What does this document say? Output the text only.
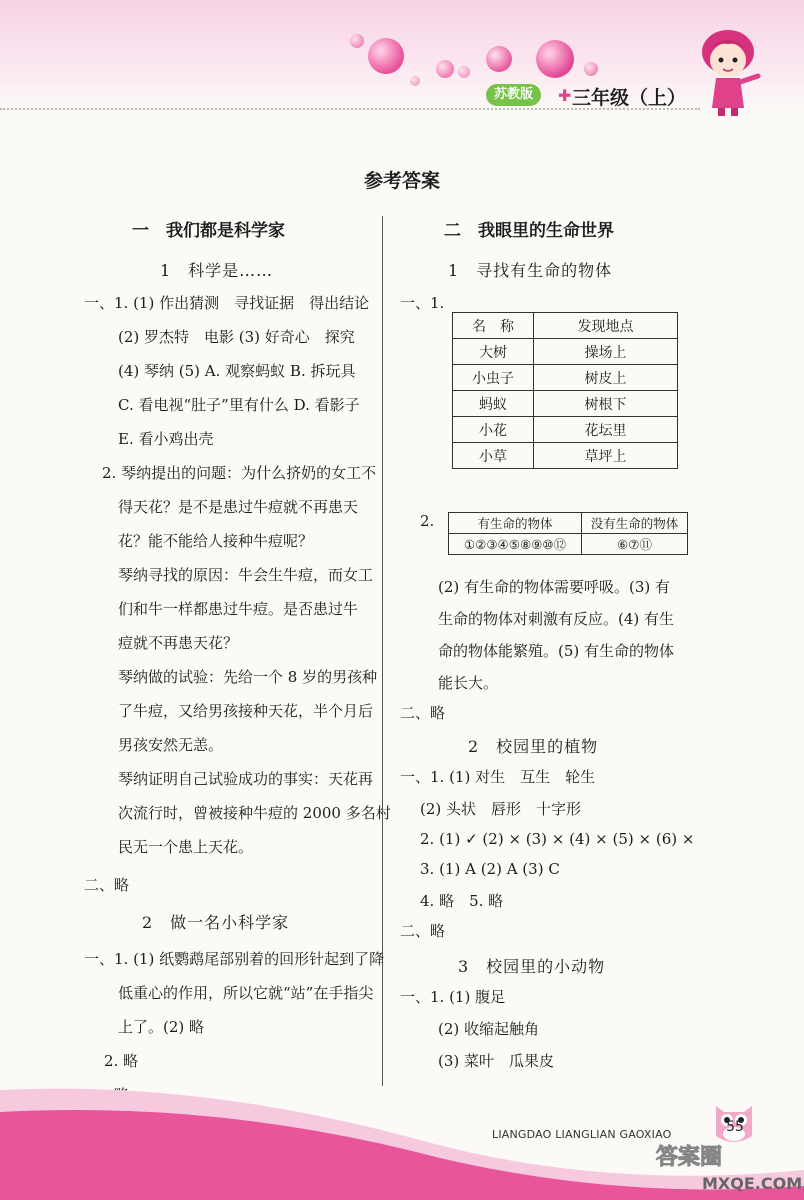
苏教版	✚ 三年级（上）
参考答案
一　我们都是科学家
1　科学是……
一、1. (1) 作出猜测　寻找证据　得出结论
(2) 罗杰特　电影 (3) 好奇心　探究
(4) 琴纳 (5) A. 观察蚂蚁 B. 拆玩具
C. 看电视“肚子”里有什么 D. 看影子
E. 看小鸡出壳
2. 琴纳提出的问题：为什么挤奶的女工不
得天花？是不是患过牛痘就不再患天
花？能不能给人接种牛痘呢？
琴纳寻找的原因：牛会生牛痘，而女工
们和牛一样都患过牛痘。是否患过牛
痘就不再患天花？
琴纳做的试验：先给一个 8 岁的男孩种
了牛痘，又给男孩接种天花，半个月后
男孩安然无恙。
琴纳证明自己试验成功的事实：天花再
次流行时，曾被接种牛痘的 2000 多名村
民无一个患上天花。
二、略
2　做一名小科学家
一、1. (1) 纸鹦鹉尾部别着的回形针起到了降
低重心的作用，所以它就“站”在手指尖
上了。(2) 略
2. 略
二　我眼里的生命世界
1　寻找有生命的物体
一、1.
名　称	发现地点
大树	操场上
小虫子	树皮上
蚂蚁	树根下
小花	花坛里
小草	草坪上
2.	有生命的物体	没有生命的物体
①②③④⑤⑧⑨⑩⑫	⑥⑦⑪
(2) 有生命的物体需要呼吸。(3) 有
生命的物体对刺激有反应。(4) 有生
命的物体能繁殖。(5) 有生命的物体
能长大。
二、略
2　校园里的植物
一、1. (1) 对生　互生　轮生
(2) 头状　唇形　十字形
2. (1) ✓ (2) × (3) × (4) × (5) × (6) ×
3. (1) A (2) A (3) C
4. 略　5. 略
二、略
3　校园里的小动物
一、1. (1) 腹足
(2) 收缩起触角
(3) 菜叶　瓜果皮
LIANGDAO LIANGLIAN GAOXIAO	55
答案圈
MXQE.COM
